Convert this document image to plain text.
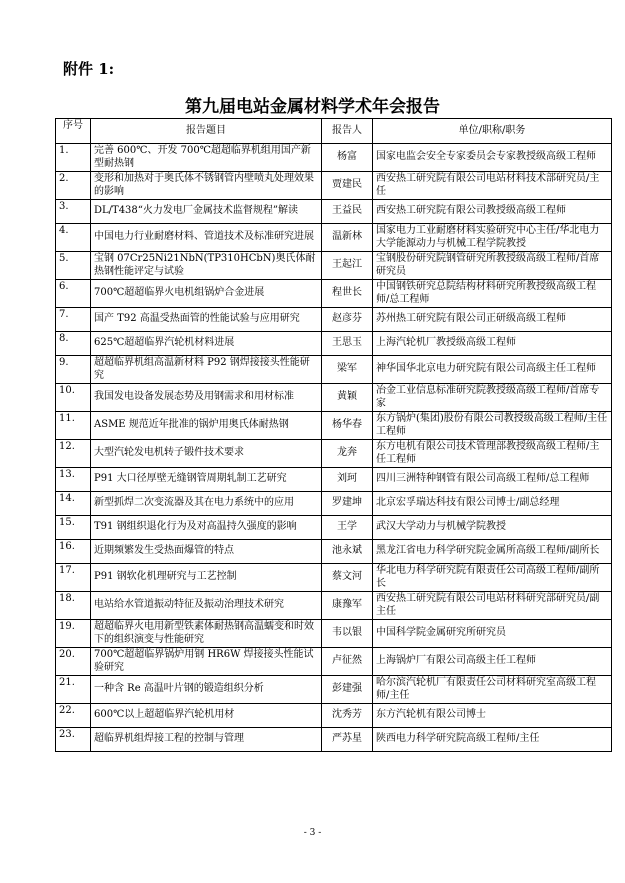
附件 1:
第九届电站金属材料学术年会报告
序号	报告题目	报告人	单位/职称/职务
1.	完善 600℃、开发 700℃超超临界机组用国产新型耐热钢	杨富	国家电监会安全专家委员会专家教授级高级工程师
2.	变形和加热对于奥氏体不锈钢管内壁喷丸处理效果的影响	贾建民	西安热工研究院有限公司电站材料技术部研究员/主任
3.	DL/T438“火力发电厂金属技术监督规程”解读	王益民	西安热工研究院有限公司教授级高级工程师
4.	中国电力行业耐磨材料、管道技术及标准研究进展	温新林	国家电力工业耐磨材料实验研究中心主任/华北电力大学能源动力与机械工程学院教授
5.	宝钢 07Cr25Ni21NbN(TP310HCbN)奥氏体耐热钢性能评定与试验	王起江	宝钢股份研究院钢管研究所教授级高级工程师/首席研究员
6.	700℃超超临界火电机组锅炉合金进展	程世长	中国钢铁研究总院结构材料研究所教授级高级工程师/总工程师
7.	国产 T92 高温受热面管的性能试验与应用研究	赵彦芬	苏州热工研究院有限公司正研级高级工程师
8.	625℃超超临界汽轮机材料进展	王思玉	上海汽轮机厂教授级高级工程师
9.	超超临界机组高温新材料 P92 钢焊接接头性能研究	梁军	神华国华北京电力研究院有限公司高级主任工程师
10.	我国发电设备发展态势及用钢需求和用材标准	黄颖	冶金工业信息标准研究院教授级高级工程师/首席专家
11.	ASME 规范近年批准的锅炉用奥氏体耐热钢	杨华春	东方锅炉(集团)股份有限公司教授级高级工程师/主任工程师
12.	大型汽轮发电机转子锻件技术要求	龙奔	东方电机有限公司技术管理部教授级高级工程师/主任工程师
13.	P91 大口径厚壁无缝钢管周期轧制工艺研究	刘珂	四川三洲特种钢管有限公司高级工程师/总工程师
14.	新型抓焊二次变流器及其在电力系统中的应用	罗建坤	北京宏孚瑞达科技有限公司博士/副总经理
15.	T91 钢组织退化行为及对高温持久强度的影响	王学	武汉大学动力与机械学院教授
16.	近期频繁发生受热面爆管的特点	池永斌	黑龙江省电力科学研究院金属所高级工程师/副所长
17.	P91 钢软化机理研究与工艺控制	蔡文河	华北电力科学研究院有限责任公司高级工程师/副所长
18.	电站给水管道振动特征及振动治理技术研究	康豫军	西安热工研究院有限公司电站材料研究部研究员/副主任
19.	超超临界火电用新型铁素体耐热钢高温蠕变和时效下的组织演变与性能研究	韦以银	中国科学院金属研究所研究员
20.	700℃超超临界锅炉用钢 HR6W 焊接接头性能试验研究	卢征然	上海锅炉厂有限公司高级主任工程师
21.	一种含 Re 高温叶片钢的锻造组织分析	彭建强	哈尔滨汽轮机厂有限责任公司材料研究室高级工程师/主任
22.	600℃以上超超临界汽轮机用材	沈秀芳	东方汽轮机有限公司博士
23.	超临界机组焊接工程的控制与管理	严苏星	陕西电力科学研究院高级工程师/主任
- 3 -
